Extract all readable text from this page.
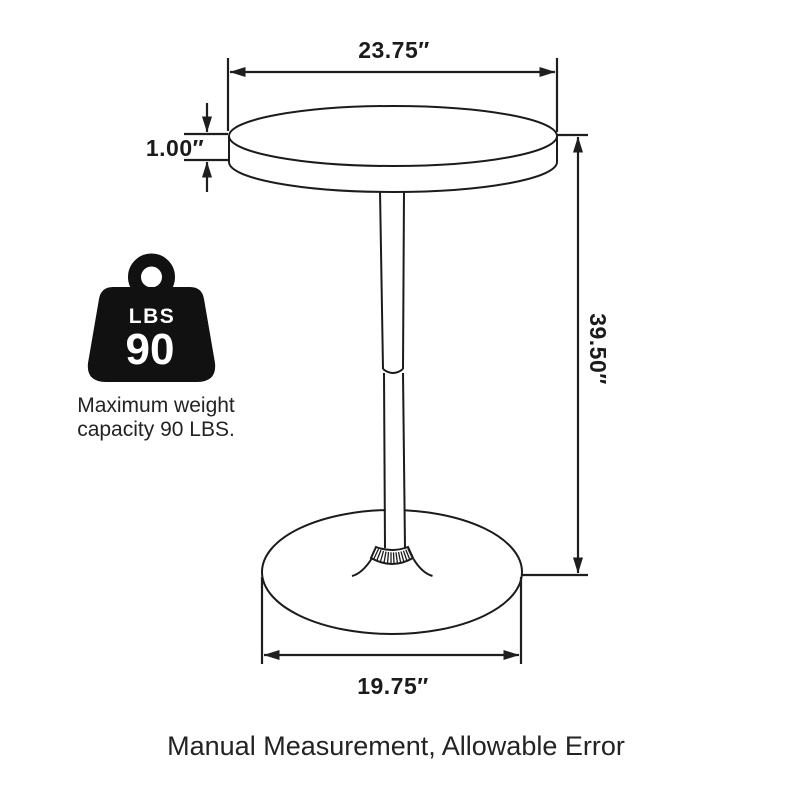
23.75″
1.00″
39.50″
19.75″
LBS
90
Maximum weight
capacity 90 LBS.
Manual Measurement, Allowable Error
